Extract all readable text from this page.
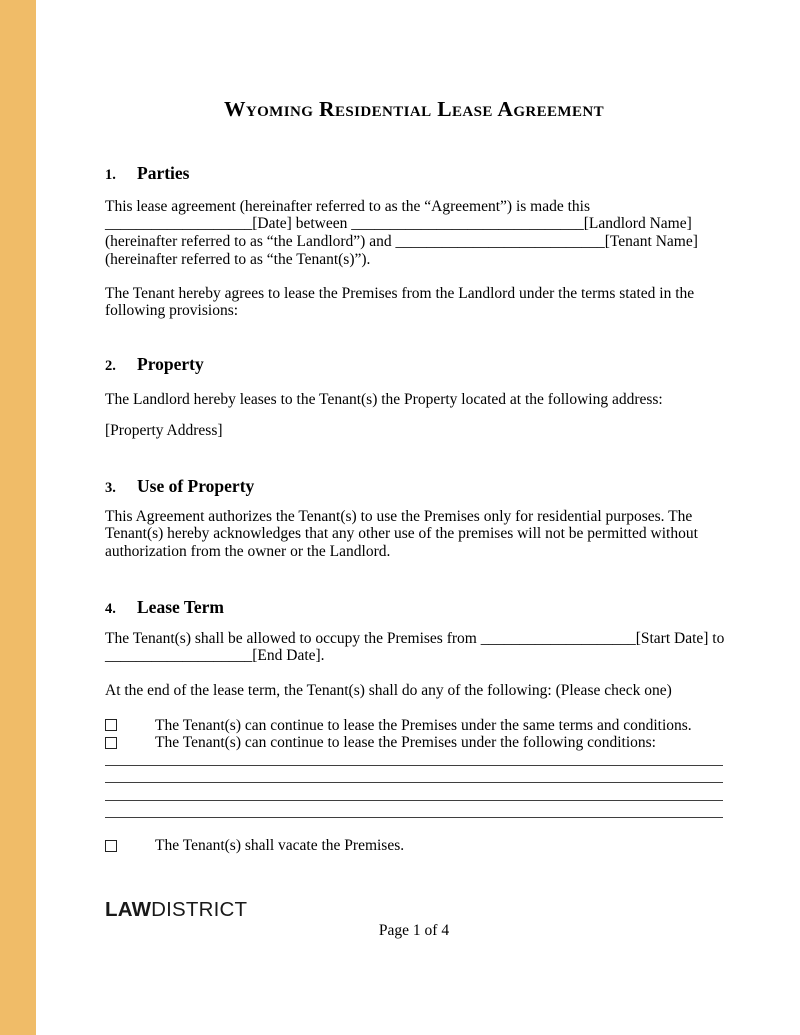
Wyoming Residential Lease Agreement
1.	Parties
This lease agreement (hereinafter referred to as the “Agreement”) is made this
___________________[Date] between ______________________________[Landlord Name]
(hereinafter referred to as “the Landlord”) and ___________________________[Tenant Name]
(hereinafter referred to as “the Tenant(s)”).
The Tenant hereby agrees to lease the Premises from the Landlord under the terms stated in the
following provisions:
2.	Property
The Landlord hereby leases to the Tenant(s) the Property located at the following address:
[Property Address]
3.	Use of Property
This Agreement authorizes the Tenant(s) to use the Premises only for residential purposes. The
Tenant(s) hereby acknowledges that any other use of the premises will not be permitted without
authorization from the owner or the Landlord.
4.	Lease Term
The Tenant(s) shall be allowed to occupy the Premises from ____________________[Start Date] to
___________________[End Date].
At the end of the lease term, the Tenant(s) shall do any of the following: (Please check one)
The Tenant(s) can continue to lease the Premises under the same terms and conditions.
The Tenant(s) can continue to lease the Premises under the following conditions:
The Tenant(s) shall vacate the Premises.
LAWDISTRICT
Page 1 of 4
